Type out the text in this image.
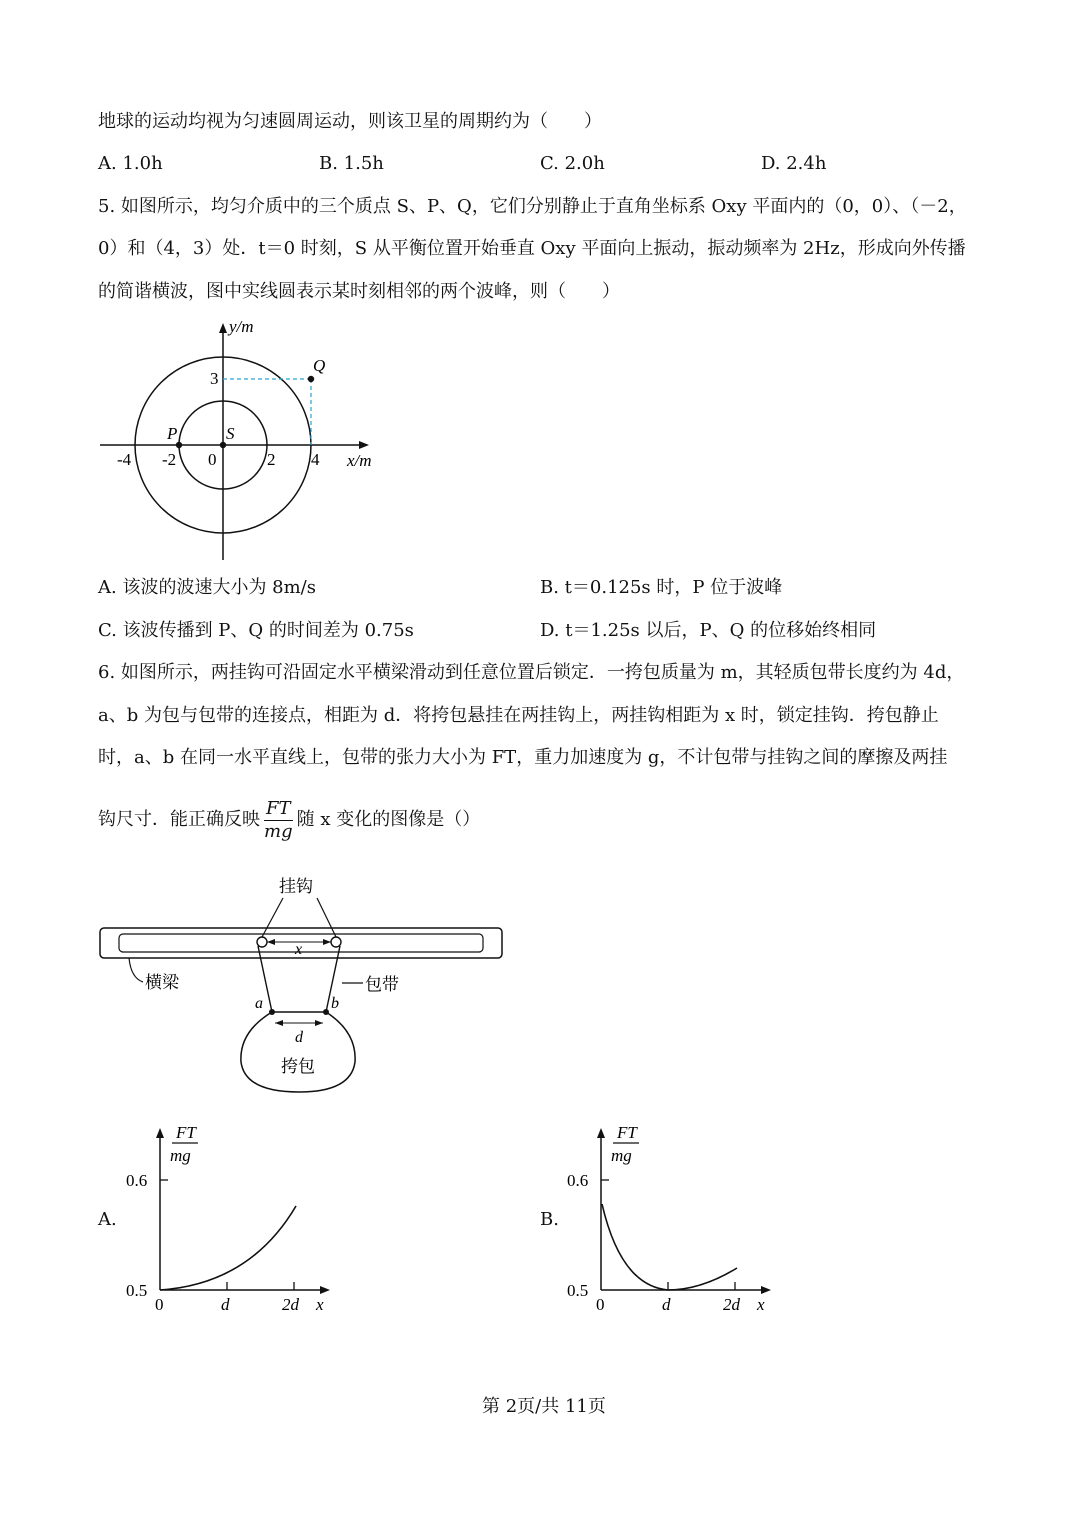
地球的运动均视为匀速圆周运动，则该卫星的周期约为（　　）
A. 1.0h	B. 1.5h	C. 2.0h	D. 2.4h
5. 如图所示，均匀介质中的三个质点 S、P、Q，它们分别静止于直角坐标系 Oxy 平面内的（0，0）、（－2，
0）和（4，3）处．t＝0 时刻，S 从平衡位置开始垂直 Oxy 平面向上振动，振动频率为 2Hz，形成向外传播
的简谐横波，图中实线圆表示某时刻相邻的两个波峰，则（　　）
y/m
x/m
3
-4 -2 0	2 4
P	S
Q
A. 该波的波速大小为 8m/s	B. t＝0.125s 时，P 位于波峰
C. 该波传播到 P、Q 的时间差为 0.75s	D. t＝1.25s 以后，P、Q 的位移始终相同
6. 如图所示，两挂钩可沿固定水平横梁滑动到任意位置后锁定．一挎包质量为 m，其轻质包带长度约为 4d，
a、b 为包与包带的连接点，相距为 d．将挎包悬挂在两挂钩上，两挂钩相距为 x 时，锁定挂钩．挎包静止
时，a、b 在同一水平直线上，包带的张力大小为 FT，重力加速度为 g，不计包带与挂钩之间的摩擦及两挂
钩尺寸．能正确反映 $\frac{FT}{mg}$ 随 x 变化的图像是（）
挂钩
x
横梁	包带
a	b
d
挎包
A.
FT
mg
0.6
0.5
0	d	2d x
B.
FT
mg
0.6
0.5
0	d	2d x
第 2页/共 11页
